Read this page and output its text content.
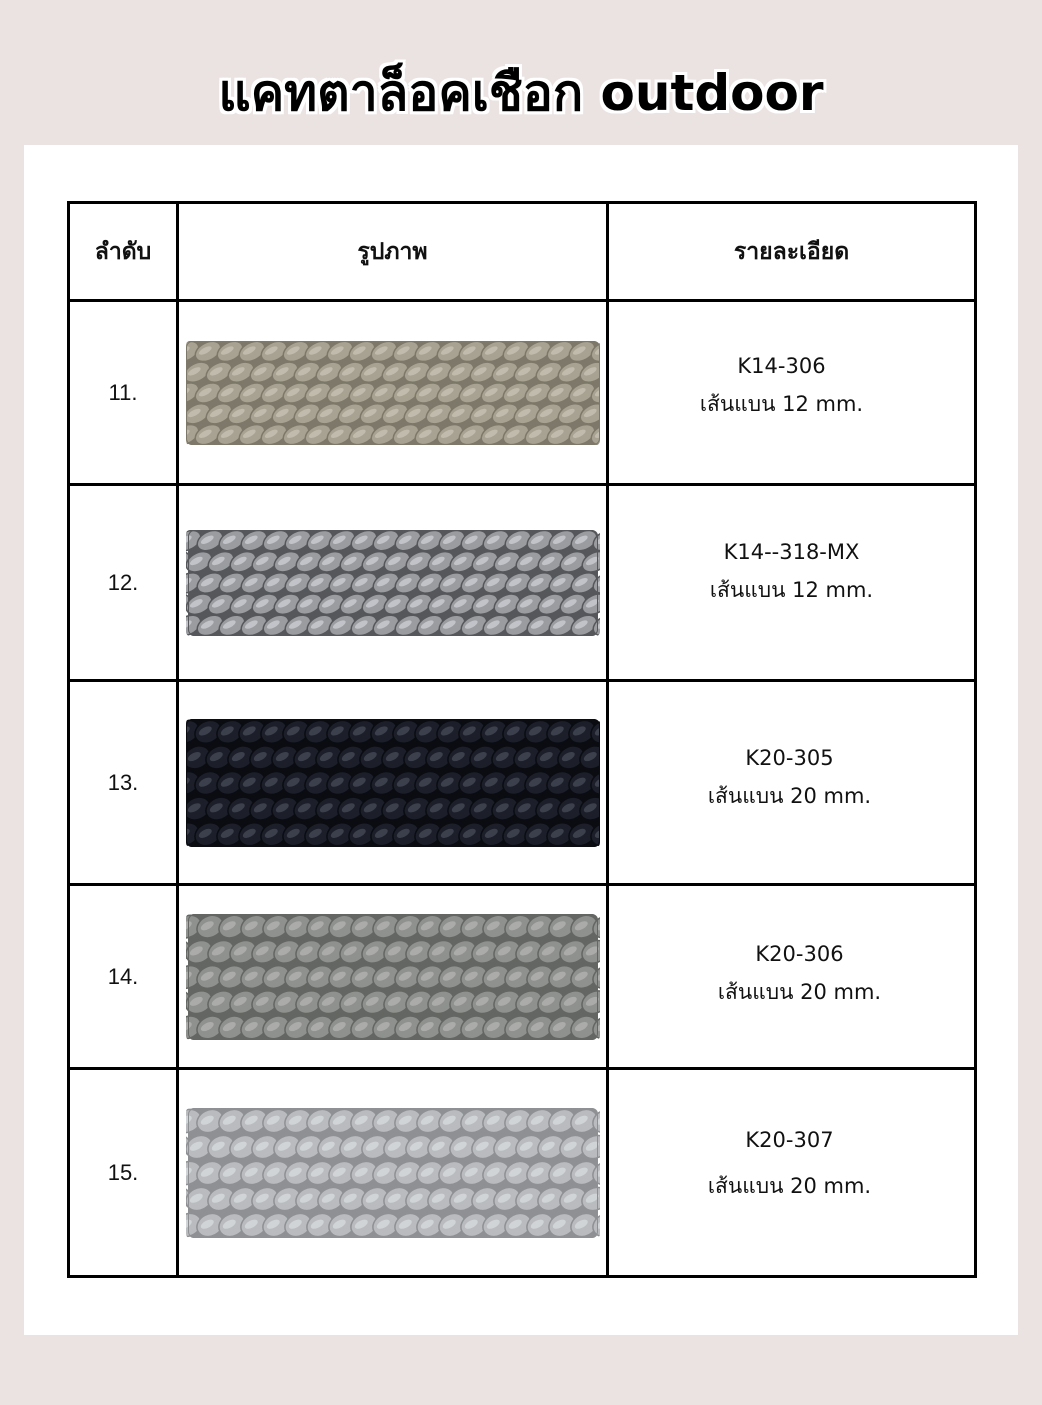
แคทตาล็อคเชือก outdoor
ลำดับ	รูปภาพ	รายละเอียด
11.		K14-306
เส้นแบน 12 mm.

12.		K14--318-MX
เส้นแบน 12 mm.

13.		K20-305
เส้นแบน 20 mm.

14.		K20-306
เส้นแบน 20 mm.

15.		K20-307
เส้นแบน 20 mm.
